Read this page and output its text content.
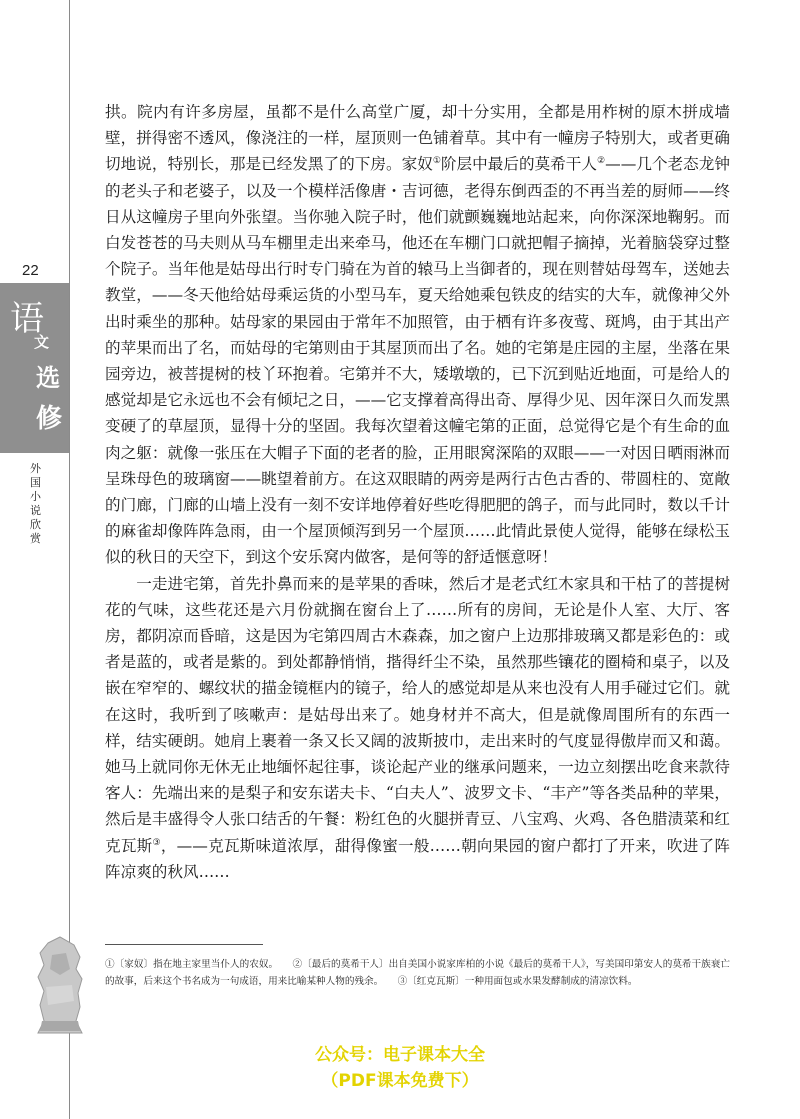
22
语
文
选
修
外国小说欣赏

拱。院内有许多房屋，虽都不是什么高堂广厦，却十分实用，全都是用柞树的原木拼成墙壁，拼得密不透风，像浇注的一样，屋顶则一色铺着草。其中有一幢房子特别大，或者更确切地说，特别长，那是已经发黑了的下房。家奴①阶层中最后的莫希干人②——几个老态龙钟的老头子和老婆子，以及一个模样活像唐・吉诃德，老得东倒西歪的不再当差的厨师——终日从这幢房子里向外张望。当你驰入院子时，他们就颤巍巍地站起来，向你深深地鞠躬。而白发苍苍的马夫则从马车棚里走出来牵马，他还在车棚门口就把帽子摘掉，光着脑袋穿过整个院子。当年他是姑母出行时专门骑在为首的辕马上当御者的，现在则替姑母驾车，送她去教堂，——冬天他给姑母乘运货的小型马车，夏天给她乘包铁皮的结实的大车，就像神父外出时乘坐的那种。姑母家的果园由于常年不加照管，由于栖有许多夜莺、斑鸠，由于其出产的苹果而出了名，而姑母的宅第则由于其屋顶而出了名。她的宅第是庄园的主屋，坐落在果园旁边，被菩提树的枝丫环抱着。宅第并不大，矮墩墩的，已下沉到贴近地面，可是给人的感觉却是它永远也不会有倾圮之日，——它支撑着高得出奇、厚得少见、因年深日久而发黑变硬了的草屋顶，显得十分的坚固。我每次望着这幢宅第的正面，总觉得它是个有生命的血肉之躯：就像一张压在大帽子下面的老者的脸，正用眼窝深陷的双眼——一对因日晒雨淋而呈珠母色的玻璃窗——眺望着前方。在这双眼睛的两旁是两行古色古香的、带圆柱的、宽敞的门廊，门廊的山墙上没有一刻不安详地停着好些吃得肥肥的鸽子，而与此同时，数以千计的麻雀却像阵阵急雨，由一个屋顶倾泻到另一个屋顶……此情此景使人觉得，能够在绿松玉似的秋日的天空下，到这个安乐窝内做客，是何等的舒适惬意呀！

一走进宅第，首先扑鼻而来的是苹果的香味，然后才是老式红木家具和干枯了的菩提树花的气味，这些花还是六月份就搁在窗台上了……所有的房间，无论是仆人室、大厅、客房，都阴凉而昏暗，这是因为宅第四周古木森森，加之窗户上边那排玻璃又都是彩色的：或者是蓝的，或者是紫的。到处都静悄悄，揩得纤尘不染，虽然那些镶花的圈椅和桌子，以及嵌在窄窄的、螺纹状的描金镜框内的镜子，给人的感觉却是从来也没有人用手碰过它们。就在这时，我听到了咳嗽声：是姑母出来了。她身材并不高大，但是就像周围所有的东西一样，结实硬朗。她肩上裹着一条又长又阔的波斯披巾，走出来时的气度显得傲岸而又和蔼。她马上就同你无休无止地缅怀起往事，谈论起产业的继承问题来，一边立刻摆出吃食来款待客人：先端出来的是梨子和安东诺夫卡、“白夫人”、波罗文卡、“丰产”等各类品种的苹果，然后是丰盛得令人张口结舌的午餐：粉红色的火腿拼青豆、八宝鸡、火鸡、各色腊渍菜和红克瓦斯③，——克瓦斯味道浓厚，甜得像蜜一般……朝向果园的窗户都打了开来，吹进了阵阵凉爽的秋风……

①〔家奴〕指在地主家里当仆人的农奴。　　②〔最后的莫希干人〕出自美国小说家库柏的小说《最后的莫希干人》，写美国印第安人的莫希干族衰亡的故事，后来这个书名成为一句成语，用来比喻某种人物的残余。　　③〔红克瓦斯〕一种用面包或水果发酵制成的清凉饮料。
公众号：电子课本大全
（PDF课本免费下）
